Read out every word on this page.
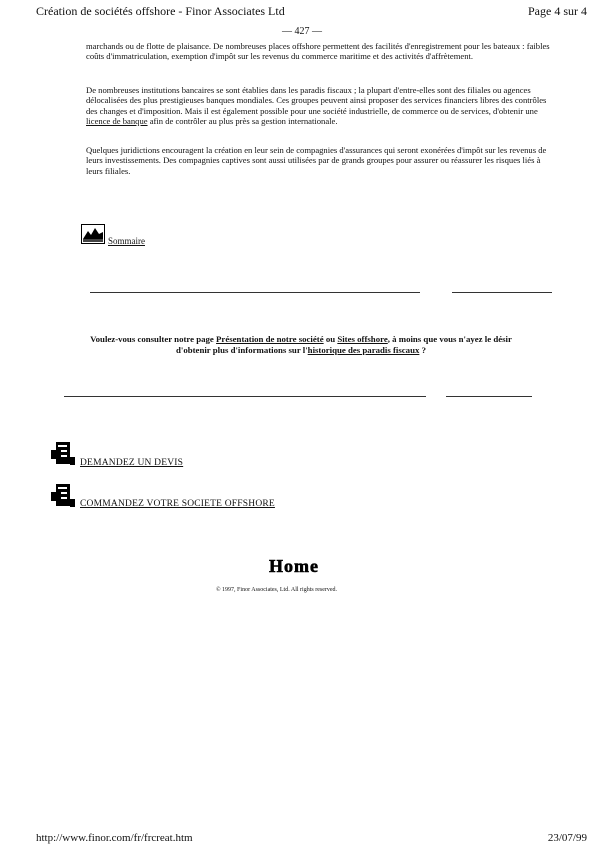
Création de sociétés offshore - Finor Associates Ltd	Page 4 sur 4
— 427 —
marchands ou de flotte de plaisance. De nombreuses places offshore permettent des facilités d'enregistrement pour les bateaux : faibles coûts d'immatriculation, exemption d'impôt sur les revenus du commerce maritime et des activités d'affrètement.
De nombreuses institutions bancaires se sont établies dans les paradis fiscaux ; la plupart d'entre-elles sont des filiales ou agences délocalisées des plus prestigieuses banques mondiales. Ces groupes peuvent ainsi proposer des services financiers libres des contrôles des changes et d'imposition. Mais il est également possible pour une société industrielle, de commerce ou de services, d'obtenir une licence de banque afin de contrôler au plus près sa gestion internationale.
Quelques juridictions encouragent la création en leur sein de compagnies d'assurances qui seront exonérées d'impôt sur les revenus de leurs investissements. Des compagnies captives sont aussi utilisées par de grands groupes pour assurer ou réassurer les risques liés à leurs filiales.
Sommaire
Voulez-vous consulter notre page Présentation de notre société ou Sites offshore, à moins que vous n'ayez le désir d'obtenir plus d'informations sur l'historique des paradis fiscaux ?
DEMANDEZ UN DEVIS
COMMANDEZ VOTRE SOCIETE OFFSHORE
Home
© 1997, Finor Associates, Ltd. All rights reserved.
http://www.finor.com/fr/frcreat.htm	23/07/99
